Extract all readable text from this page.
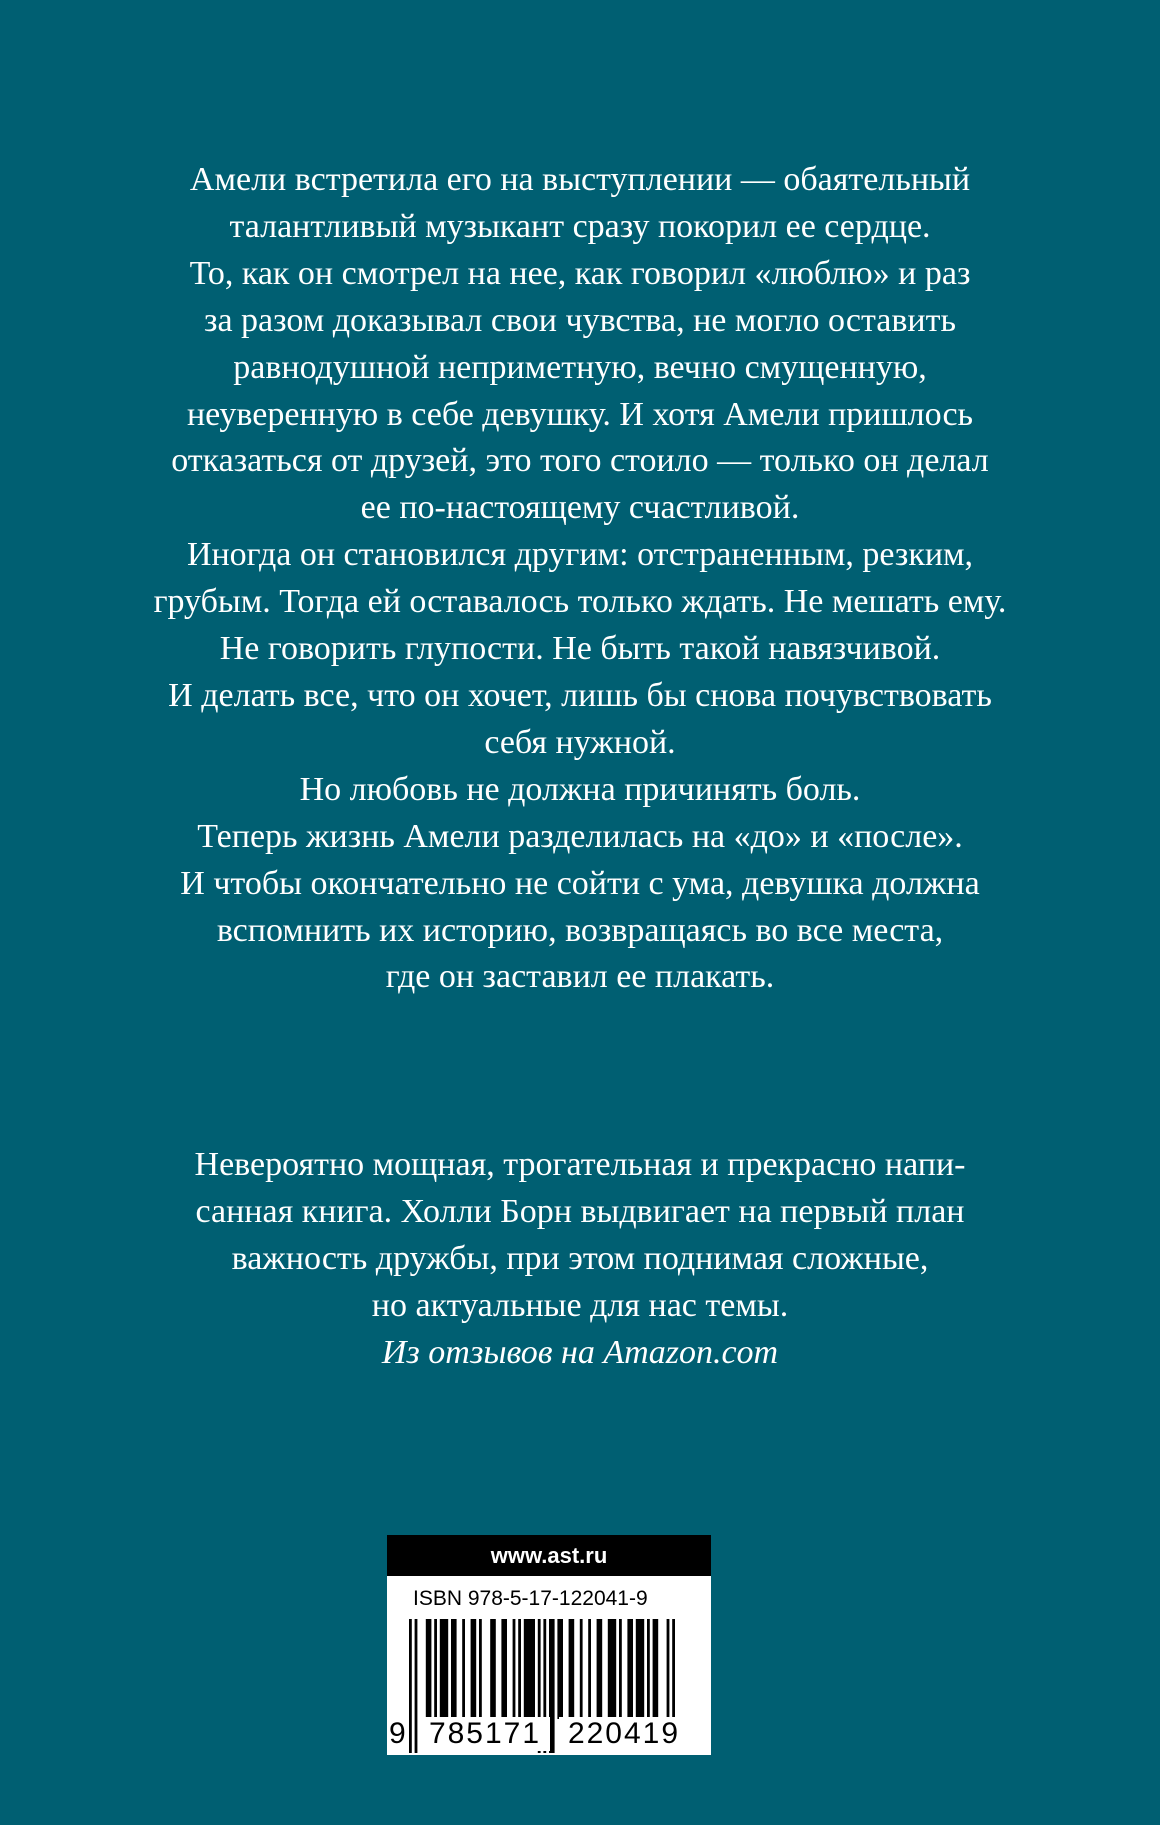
Амели встретила его на выступлении — обаятельный
талантливый музыкант сразу покорил ее сердце.
То, как он смотрел на нее, как говорил «люблю» и раз
за разом доказывал свои чувства, не могло оставить
равнодушной неприметную, вечно смущенную,
неуверенную в себе девушку. И хотя Амели пришлось
отказаться от друзей, это того стоило — только он делал
ее по-настоящему счастливой.
Иногда он становился другим: отстраненным, резким,
грубым. Тогда ей оставалось только ждать. Не мешать ему.
Не говорить глупости. Не быть такой навязчивой.
И делать все, что он хочет, лишь бы снова почувствовать
себя нужной.
Но любовь не должна причинять боль.
Теперь жизнь Амели разделилась на «до» и «после».
И чтобы окончательно не сойти с ума, девушка должна
вспомнить их историю, возвращаясь во все места,
где он заставил ее плакать.
Невероятно мощная, трогательная и прекрасно напи-
санная книга. Холли Борн выдвигает на первый план
важность дружбы, при этом поднимая сложные,
но актуальные для нас темы.
Из отзывов на Amazon.com
www.ast.ru
ISBN 978-5-17-122041-9
9 785171 220419
